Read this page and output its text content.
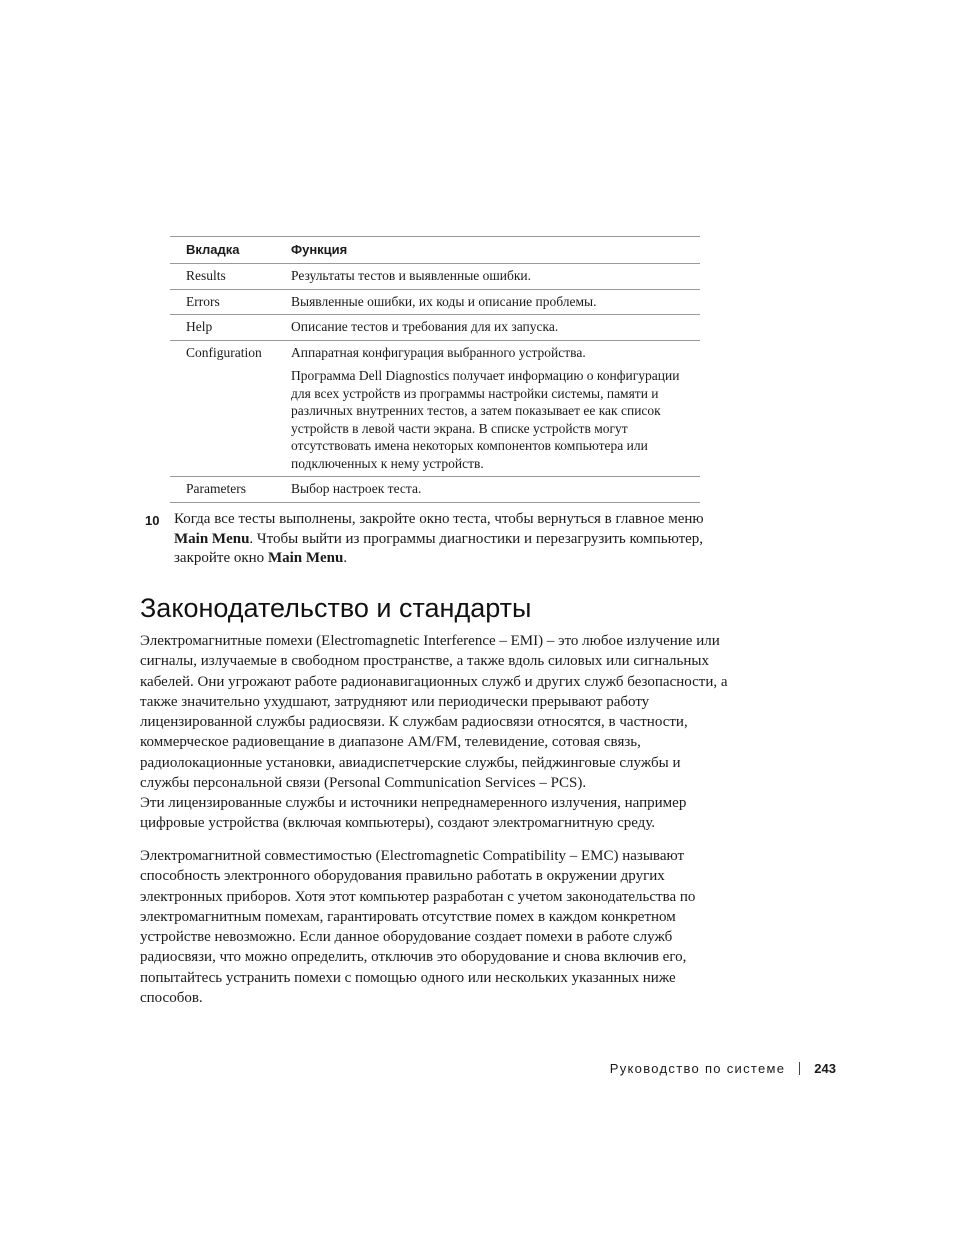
Вкладка	Функция
Results	Результаты тестов и выявленные ошибки.
Errors	Выявленные ошибки, их коды и описание проблемы.
Help	Описание тестов и требования для их запуска.
Configuration	Аппаратная конфигурация выбранного устройства.

Программа Dell Diagnostics получает информацию о конфигурации для всех устройств из программы настройки системы, памяти и различных внутренних тестов, а затем показывает ее как список устройств в левой части экрана. В списке устройств могут отсутствовать имена некоторых компонентов компьютера или подключенных к нему устройств.

Parameters	Выбор настроек теста.
10 Когда все тесты выполнены, закройте окно теста, чтобы вернуться в главное меню Main Menu. Чтобы выйти из программы диагностики и перезагрузить компьютер, закройте окно Main Menu.
Законодательство и стандарты

Электромагнитные помехи (Electromagnetic Interference – EMI) – это любое излучение или сигналы, излучаемые в свободном пространстве, а также вдоль силовых или сигнальных кабелей. Они угрожают работе радионавигационных служб и других служб безопасности, а также значительно ухудшают, затрудняют или периодически прерывают работу лицензированной службы радиосвязи. К службам радиосвязи относятся, в частности, коммерческое радиовещание в диапазоне AM/FM, телевидение, сотовая связь, радиолокационные установки, авиадиспетчерские службы, пейджинговые службы и службы персональной связи (Personal Communication Services – PCS).

Эти лицензированные службы и источники непреднамеренного излучения, например цифровые устройства (включая компьютеры), создают электромагнитную среду.

Электромагнитной совместимостью (Electromagnetic Compatibility – EMC) называют способность электронного оборудования правильно работать в окружении других электронных приборов. Хотя этот компьютер разработан с учетом законодательства по электромагнитным помехам, гарантировать отсутствие помех в каждом конкретном устройстве невозможно. Если данное оборудование создает помехи в работе служб радиосвязи, что можно определить, отключив это оборудование и снова включив его, попытайтесь устранить помехи с помощью одного или нескольких указанных ниже способов.

Руководство по системе 243
